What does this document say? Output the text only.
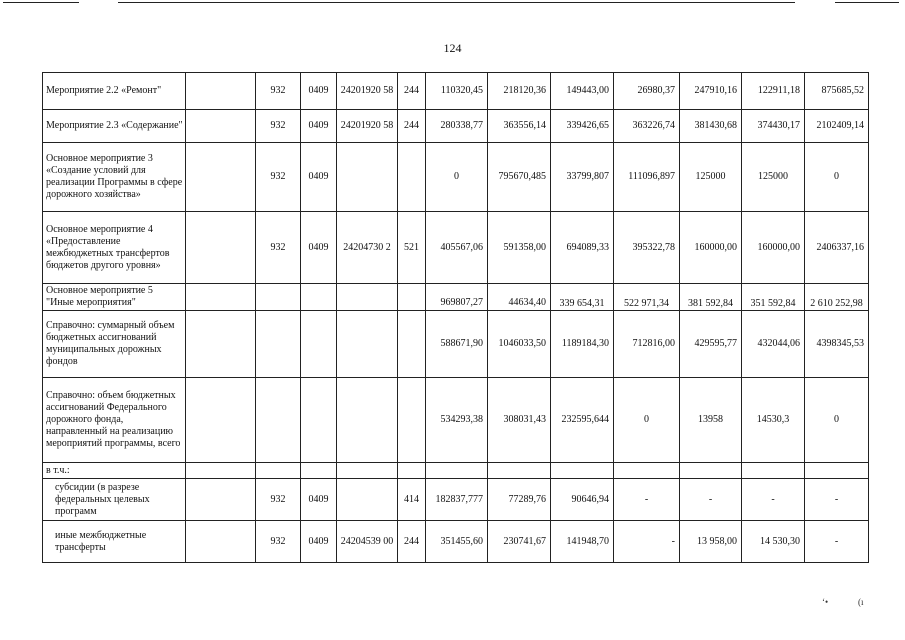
124
Мероприятие 2.2 «Ремонт"		932	0409	24201920 58	244	110320,45	218120,36	149443,00	26980,37	247910,16	122911,18	875685,52
Мероприятие 2.3 «Содержание"		932	0409	24201920 58	244	280338,77	363556,14	339426,65	363226,74	381430,68	374430,17	2102409,14
Основное мероприятие 3 «Создание условий для реализации Программы в сфере дорожного хозяйства»		932	0409			0	795670,485	33799,807	111096,897	125000	125000	0
Основное мероприятие 4 «Предоставление межбюджетных трансфертов бюджетов другого уровня»		932	0409	24204730 2	521	405567,06	591358,00	694089,33	395322,78	160000,00	160000,00	2406337,16
Основное мероприятие 5 "Иные мероприятия"						969807,27	44634,40	339 654,31	522 971,34	381 592,84	351 592,84	2 610 252,98
Справочно: суммарный объем бюджетных ассигнований муниципальных дорожных фондов						588671,90	1046033,50	1189184,30	712816,00	429595,77	432044,06	4398345,53
Справочно: объем бюджетных ассигнований Федерального дорожного фонда, направленный на реализацию мероприятий программы, всего						534293,38	308031,43	232595,644	0	13958	14530,3	0
в т.ч.:												
субсидии (в разрезе федеральных целевых программ		932	0409		414	182837,777	77289,76	90646,94	-	-	-	-
иные межбюджетные трансферты		932	0409	24204539 00	244	351455,60	230741,67	141948,70	-	13 958,00	14 530,30	-
‘•	(ı
